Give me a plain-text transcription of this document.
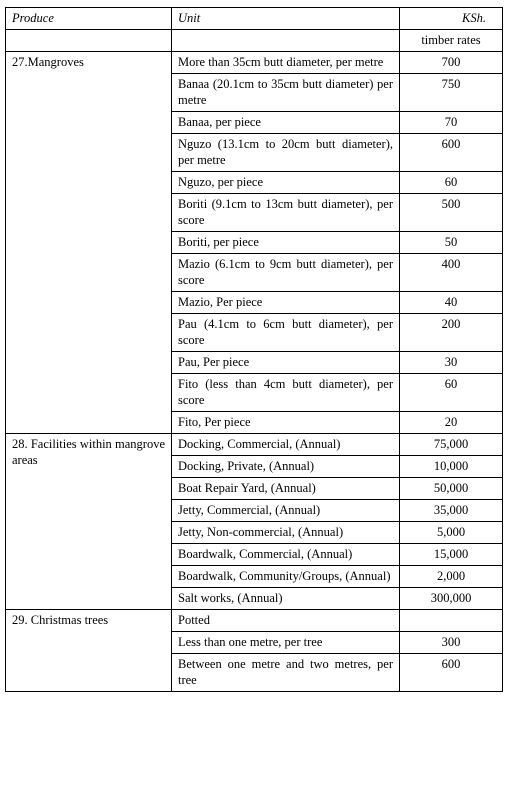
Produce	Unit	KSh.
		timber rates
27.Mangroves	More than 35cm butt diameter, per metre	700
	Banaa (20.1cm to 35cm butt diameter) per metre	750
	Banaa, per piece	70
	Nguzo (13.1cm to 20cm butt diameter), per metre	600
	Nguzo, per piece	60
	Boriti (9.1cm to 13cm butt diameter), per score	500
	Boriti, per piece	50
	Mazio (6.1cm to 9cm butt diameter), per score	400
	Mazio, Per piece	40
	Pau (4.1cm to 6cm butt diameter), per score	200
	Pau, Per piece	30
	Fito (less than 4cm butt diameter), per score	60
	Fito, Per piece	20
28. Facilities within mangrove areas	Docking, Commercial, (Annual)	75,000
	Docking, Private, (Annual)	10,000
	Boat Repair Yard, (Annual)	50,000
	Jetty, Commercial, (Annual)	35,000
	Jetty, Non-commercial, (Annual)	5,000
	Boardwalk, Commercial, (Annual)	15,000
	Boardwalk, Community/Groups, (Annual)	2,000
	Salt works, (Annual)	300,000
29. Christmas trees	Potted	
	Less than one metre, per tree	300
	Between one metre and two metres, per tree	600
